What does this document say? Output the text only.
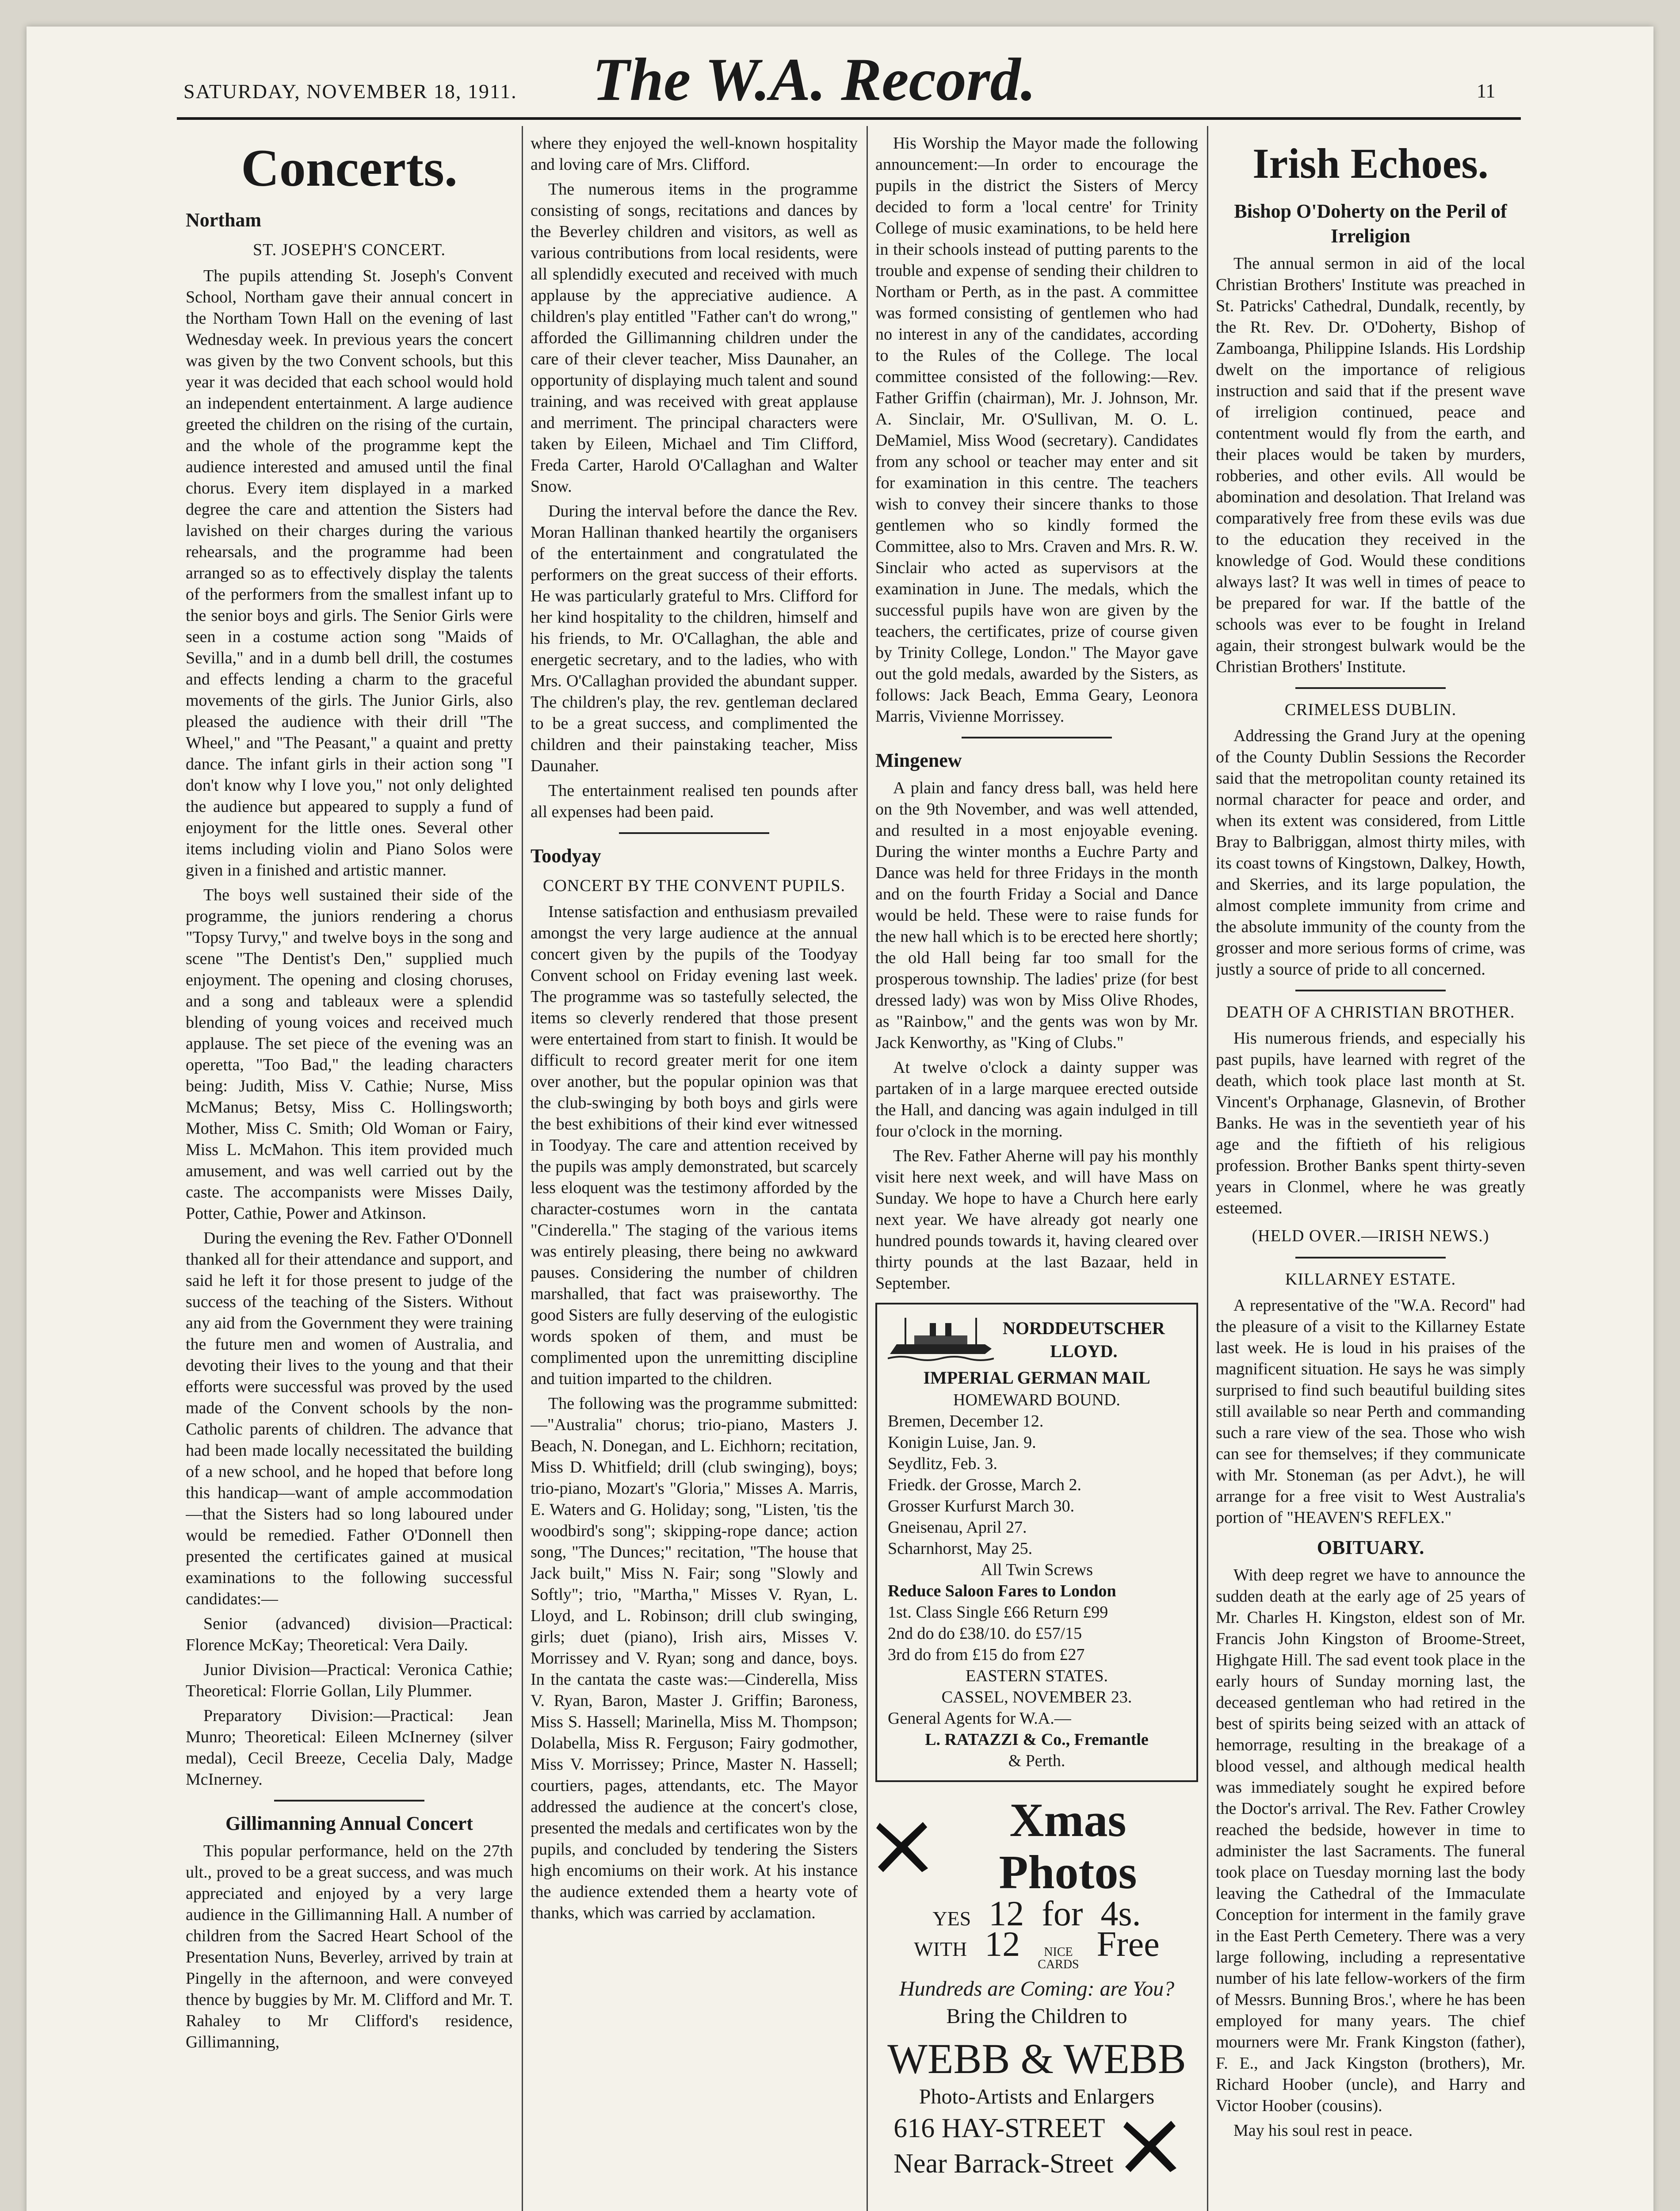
SATURDAY, NOVEMBER 18, 1911. The W.A. Record.	11
Concerts.
Northam
ST. JOSEPH'S CONCERT.

The pupils attending St. Joseph's Convent School, Northam gave their annual concert in the Northam Town Hall on the evening of last Wednesday week. In previous years the concert was given by the two Convent schools, but this year it was decided that each school would hold an independent entertainment. A large audience greeted the children on the rising of the curtain, and the whole of the programme kept the audience interested and amused until the final chorus. Every item displayed in a marked degree the care and attention the Sisters had lavished on their charges during the various rehearsals, and the programme had been arranged so as to effectively display the talents of the performers from the smallest infant up to the senior boys and girls. The Senior Girls were seen in a costume action song "Maids of Sevilla," and in a dumb bell drill, the costumes and effects lending a charm to the graceful movements of the girls. The Junior Girls, also pleased the audience with their drill "The Wheel," and "The Peasant," a quaint and pretty dance. The infant girls in their action song "I don't know why I love you," not only delighted the audience but appeared to supply a fund of enjoyment for the little ones. Several other items including violin and Piano Solos were given in a finished and artistic manner.

The boys well sustained their side of the programme, the juniors rendering a chorus "Topsy Turvy," and twelve boys in the song and scene "The Dentist's Den," supplied much enjoyment. The opening and closing choruses, and a song and tableaux were a splendid blending of young voices and received much applause. The set piece of the evening was an operetta, "Too Bad," the leading characters being: Judith, Miss V. Cathie; Nurse, Miss McManus; Betsy, Miss C. Hollingsworth; Mother, Miss C. Smith; Old Woman or Fairy, Miss L. McMahon. This item provided much amusement, and was well carried out by the caste. The accompanists were Misses Daily, Potter, Cathie, Power and Atkinson.

During the evening the Rev. Father O'Donnell thanked all for their attendance and support, and said he left it for those present to judge of the success of the teaching of the Sisters. Without any aid from the Government they were training the future men and women of Australia, and devoting their lives to the young and that their efforts were successful was proved by the used made of the Convent schools by the non-Catholic parents of children. The advance that had been made locally necessitated the building of a new school, and he hoped that before long this handicap—want of ample accommodation—that the Sisters had so long laboured under would be remedied. Father O'Donnell then presented the certificates gained at musical examinations to the following successful candidates:—

Senior (advanced) division—Practical: Florence McKay; Theoretical: Vera Daily.

Junior Division—Practical: Veronica Cathie; Theoretical: Florrie Gollan, Lily Plummer.

Preparatory Division:—Practical: Jean Munro; Theoretical: Eileen McInerney (silver medal), Cecil Breeze, Cecelia Daly, Madge McInerney.

Gillimanning Annual Concert

This popular performance, held on the 27th ult., proved to be a great success, and was much appreciated and enjoyed by a very large audience in the Gillimanning Hall. A number of children from the Sacred Heart School of the Presentation Nuns, Beverley, arrived by train at Pingelly in the afternoon, and were conveyed thence by buggies by Mr. M. Clifford and Mr. T. Rahaley to Mr Clifford's residence, Gillimanning,

where they enjoyed the well-known hospitality and loving care of Mrs. Clifford.

The numerous items in the programme consisting of songs, recitations and dances by the Beverley children and visitors, as well as various contributions from local residents, were all splendidly executed and received with much applause by the appreciative audience. A children's play entitled "Father can't do wrong," afforded the Gillimanning children under the care of their clever teacher, Miss Daunaher, an opportunity of displaying much talent and sound training, and was received with great applause and merriment. The principal characters were taken by Eileen, Michael and Tim Clifford, Freda Carter, Harold O'Callaghan and Walter Snow.

During the interval before the dance the Rev. Moran Hallinan thanked heartily the organisers of the entertainment and congratulated the performers on the great success of their efforts. He was particularly grateful to Mrs. Clifford for her kind hospitality to the children, himself and his friends, to Mr. O'Callaghan, the able and energetic secretary, and to the ladies, who with Mrs. O'Callaghan provided the abundant supper. The children's play, the rev. gentleman declared to be a great success, and complimented the children and their painstaking teacher, Miss Daunaher.

The entertainment realised ten pounds after all expenses had been paid.

Toodyay
CONCERT BY THE CONVENT PUPILS.

Intense satisfaction and enthusiasm prevailed amongst the very large audience at the annual concert given by the pupils of the Toodyay Convent school on Friday evening last week. The programme was so tastefully selected, the items so cleverly rendered that those present were entertained from start to finish. It would be difficult to record greater merit for one item over another, but the popular opinion was that the club-swinging by both boys and girls were the best exhibitions of their kind ever witnessed in Toodyay. The care and attention received by the pupils was amply demonstrated, but scarcely less eloquent was the testimony afforded by the character-costumes worn in the cantata "Cinderella." The staging of the various items was entirely pleasing, there being no awkward pauses. Considering the number of children marshalled, that fact was praiseworthy. The good Sisters are fully deserving of the eulogistic words spoken of them, and must be complimented upon the unremitting discipline and tuition imparted to the children.

The following was the programme submitted:—"Australia" chorus; trio-piano, Masters J. Beach, N. Donegan, and L. Eichhorn; recitation, Miss D. Whitfield; drill (club swinging), boys; trio-piano, Mozart's "Gloria," Misses A. Marris, E. Waters and G. Holiday; song, "Listen, 'tis the woodbird's song"; skipping-rope dance; action song, "The Dunces;" recitation, "The house that Jack built," Miss N. Fair; song "Slowly and Softly"; trio, "Martha," Misses V. Ryan, L. Lloyd, and L. Robinson; drill club swinging, girls; duet (piano), Irish airs, Misses V. Morrissey and V. Ryan; song and dance, boys. In the cantata the caste was:—Cinderella, Miss V. Ryan, Baron, Master J. Griffin; Baroness, Miss S. Hassell; Marinella, Miss M. Thompson; Dolabella, Miss R. Ferguson; Fairy godmother, Miss V. Morrissey; Prince, Master N. Hassell; courtiers, pages, attendants, etc. The Mayor addressed the audience at the concert's close, presented the medals and certificates won by the pupils, and concluded by tendering the Sisters high encomiums on their work. At his instance the audience extended them a hearty vote of thanks, which was carried by acclamation.

His Worship the Mayor made the following announcement:—In order to encourage the pupils in the district the Sisters of Mercy decided to form a 'local centre' for Trinity College of music examinations, to be held here in their schools instead of putting parents to the trouble and expense of sending their children to Northam or Perth, as in the past. A committee was formed consisting of gentlemen who had no interest in any of the candidates, according to the Rules of the College. The local committee consisted of the following:—Rev. Father Griffin (chairman), Mr. J. Johnson, Mr. A. Sinclair, Mr. O'Sullivan, M. O. L. DeMamiel, Miss Wood (secretary). Candidates from any school or teacher may enter and sit for examination in this centre. The teachers wish to convey their sincere thanks to those gentlemen who so kindly formed the Committee, also to Mrs. Craven and Mrs. R. W. Sinclair who acted as supervisors at the examination in June. The medals, which the successful pupils have won are given by the teachers, the certificates, prize of course given by Trinity College, London." The Mayor gave out the gold medals, awarded by the Sisters, as follows: Jack Beach, Emma Geary, Leonora Marris, Vivienne Morrissey.

Mingenew

A plain and fancy dress ball, was held here on the 9th November, and was well attended, and resulted in a most enjoyable evening. During the winter months a Euchre Party and Dance was held for three Fridays in the month and on the fourth Friday a Social and Dance would be held. These were to raise funds for the new hall which is to be erected here shortly; the old Hall being far too small for the prosperous township. The ladies' prize (for best dressed lady) was won by Miss Olive Rhodes, as "Rainbow," and the gents was won by Mr. Jack Kenworthy, as "King of Clubs."

At twelve o'clock a dainty supper was partaken of in a large marquee erected outside the Hall, and dancing was again indulged in till four o'clock in the morning.

The Rev. Father Aherne will pay his monthly visit here next week, and will have Mass on Sunday. We hope to have a Church here early next year. We have already got nearly one hundred pounds towards it, having cleared over thirty pounds at the last Bazaar, held in September.

NORDDEUTSCHER
LLOYD.
IMPERIAL GERMAN MAIL
HOMEWARD BOUND.
Bremen, December 12.
Konigin Luise, Jan. 9.
Seydlitz, Feb. 3.
Friedk. der Grosse, March 2.
Grosser Kurfurst March 30.
Gneisenau, April 27.
Scharnhorst, May 25.
All Twin Screws
Reduce Saloon Fares to London
1st. Class Single £66 Return £99
2nd do do £38/10. do £57/15
3rd do from £15 do from £27
EASTERN STATES.
CASSEL, NOVEMBER 23.
General Agents for W.A.—
L. RATAZZI & Co., Fremantle
& Perth.
Xmas Photos
YES 12 for 4s.
WITH 12	NICE
CARDS
Free
Hundreds are Coming: are You?
Bring the Children to
WEBB & WEBB
Photo-Artists and Enlargers
616 HAY-STREET
Near Barrack-Street
Irish Echoes.
Bishop O'Doherty on the Peril of Irreligion

The annual sermon in aid of the local Christian Brothers' Institute was preached in St. Patricks' Cathedral, Dundalk, recently, by the Rt. Rev. Dr. O'Doherty, Bishop of Zamboanga, Philippine Islands. His Lordship dwelt on the importance of religious instruction and said that if the present wave of irreligion continued, peace and contentment would fly from the earth, and their places would be taken by murders, robberies, and other evils. All would be abomination and desolation. That Ireland was comparatively free from these evils was due to the education they received in the knowledge of God. Would these conditions always last? It was well in times of peace to be prepared for war. If the battle of the schools was ever to be fought in Ireland again, their strongest bulwark would be the Christian Brothers' Institute.

CRIMELESS DUBLIN.

Addressing the Grand Jury at the opening of the County Dublin Sessions the Recorder said that the metropolitan county retained its normal character for peace and order, and when its extent was considered, from Little Bray to Balbriggan, almost thirty miles, with its coast towns of Kingstown, Dalkey, Howth, and Skerries, and its large population, the almost complete immunity from crime and the absolute immunity of the county from the grosser and more serious forms of crime, was justly a source of pride to all concerned.

DEATH OF A CHRISTIAN BROTHER.

His numerous friends, and especially his past pupils, have learned with regret of the death, which took place last month at St. Vincent's Orphanage, Glasnevin, of Brother Banks. He was in the seventieth year of his age and the fiftieth of his religious profession. Brother Banks spent thirty-seven years in Clonmel, where he was greatly esteemed.

(HELD OVER.—IRISH NEWS.)
KILLARNEY ESTATE.

A representative of the "W.A. Record" had the pleasure of a visit to the Killarney Estate last week. He is loud in his praises of the magnificent situation. He says he was simply surprised to find such beautiful building sites still available so near Perth and commanding such a rare view of the sea. Those who wish can see for themselves; if they communicate with Mr. Stoneman (as per Advt.), he will arrange for a free visit to West Australia's portion of "HEAVEN'S REFLEX."

OBITUARY.

With deep regret we have to announce the sudden death at the early age of 25 years of Mr. Charles H. Kingston, eldest son of Mr. Francis John Kingston of Broome-Street, Highgate Hill. The sad event took place in the early hours of Sunday morning last, the deceased gentleman who had retired in the best of spirits being seized with an attack of hemorrage, resulting in the breakage of a blood vessel, and although medical health was immediately sought he expired before the Doctor's arrival. The Rev. Father Crowley reached the bedside, however in time to administer the last Sacraments. The funeral took place on Tuesday morning last the body leaving the Cathedral of the Immaculate Conception for interment in the family grave in the East Perth Cemetery. There was a very large following, including a representative number of his late fellow-workers of the firm of Messrs. Bunning Bros.', where he has been employed for many years. The chief mourners were Mr. Frank Kingston (father), F. E., and Jack Kingston (brothers), Mr. Richard Hoober (uncle), and Harry and Victor Hoober (cousins).

May his soul rest in peace.
